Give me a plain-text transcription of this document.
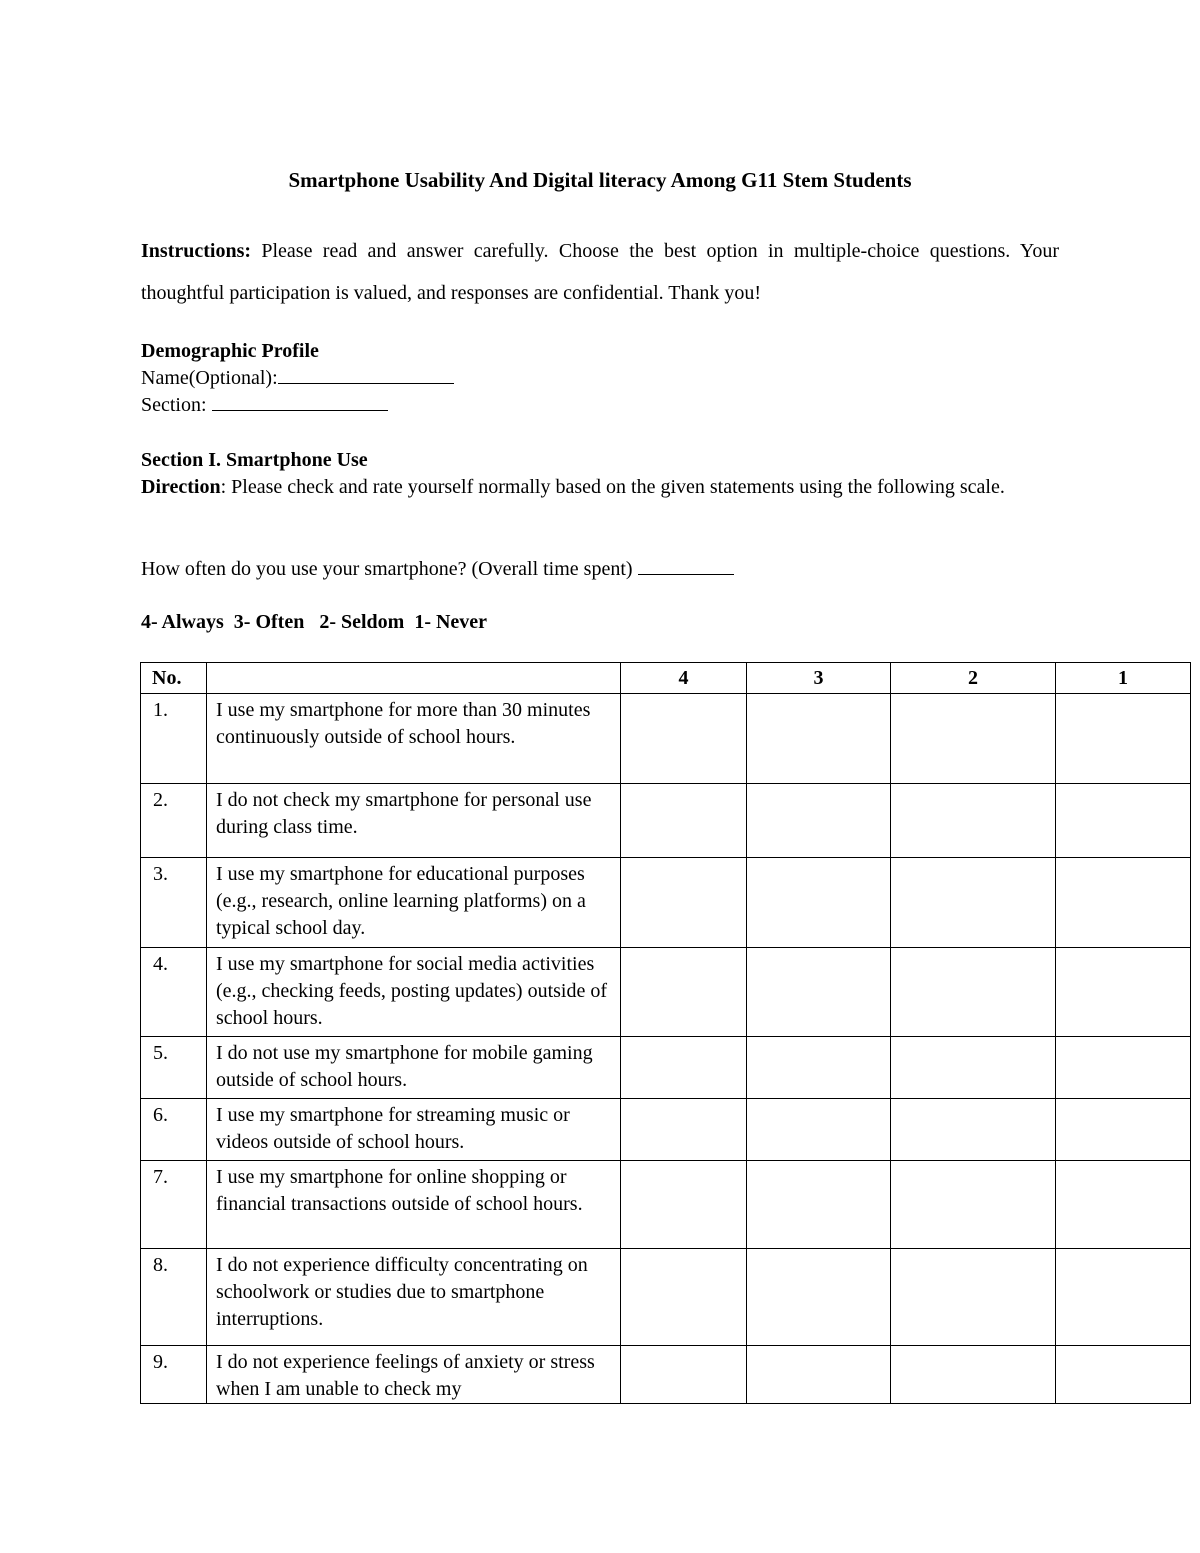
Smartphone Usability And Digital literacy Among G11 Stem Students
Instructions: Please read and answer carefully. Choose the best option in multiple-choice questions. Your thoughtful participation is valued, and responses are confidential. Thank you!
Demographic Profile
Name(Optional):
Section:
Section I. Smartphone Use
Direction: Please check and rate yourself normally based on the given statements using the following scale.
How often do you use your smartphone? (Overall time spent)
4- Always  3- Often   2- Seldom  1- Never
No.		4	3	2	1
1.	I use my smartphone for more than 30 minutes continuously outside of school hours.				
2.	I do not check my smartphone for personal use during class time.				
3.	I use my smartphone for educational purposes (e.g., research, online learning platforms) on a typical school day.				
4.	I use my smartphone for social media activities (e.g., checking feeds, posting updates) outside of school hours.				
5.	I do not use my smartphone for mobile gaming outside of school hours.				
6.	I use my smartphone for streaming music or videos outside of school hours.				
7.	I use my smartphone for online shopping or financial transactions outside of school hours.				
8.	I do not experience difficulty concentrating on schoolwork or studies due to smartphone interruptions.				
9.	I do not experience feelings of anxiety or stress when I am unable to check my				
